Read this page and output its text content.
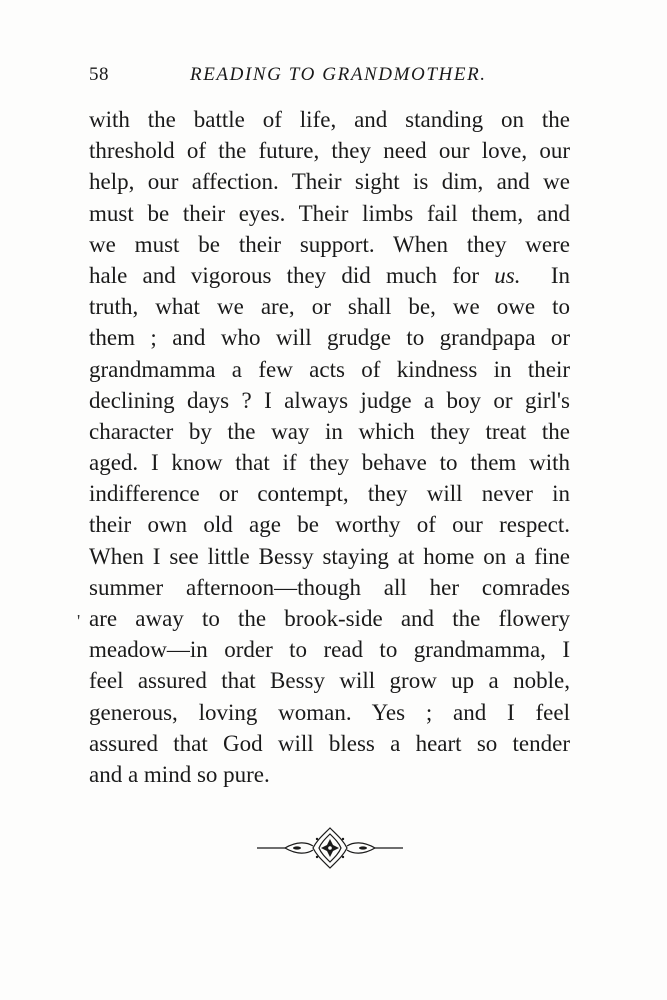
58	READING TO GRANDMOTHER.
with the battle of life, and standing on the
threshold of the future, they need our love, our
help, our affection. Their sight is dim, and we
must be their eyes. Their limbs fail them, and
we must be their support. When they were
hale and vigorous they did much for us.  In
truth, what we are, or shall be, we owe to
them ; and who will grudge to grandpapa or
grandmamma a few acts of kindness in their
declining days ? I always judge a boy or girl's
character by the way in which they treat the
aged. I know that if they behave to them with
indifference or contempt, they will never in
their own old age be worthy of our respect.
When I see little Bessy staying at home on a fine
summer afternoon—though all her comrades
are away to the brook-side and the flowery
meadow—in order to read to grandmamma, I
feel assured that Bessy will grow up a noble,
generous, loving woman. Yes ; and I feel
assured that God will bless a heart so tender
and a mind so pure.
'
